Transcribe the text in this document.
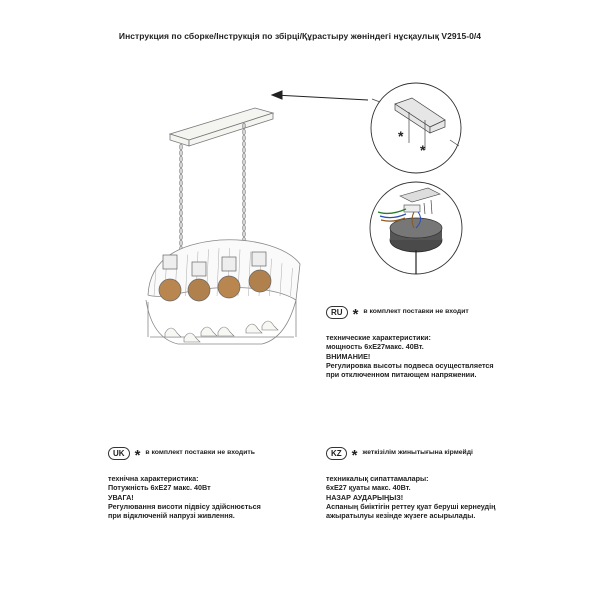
Инструкция по сборке/Інструкція по збірці/Құрастыру жөніндегі нұсқаулық V2915-0/4
*
*
RU * в комплект поставки не входит
технические характеристики:
мощность 6хЕ27макс. 40Вт.
ВНИМАНИЕ!
Регулировка высоты подвеса осуществляется
при отключенном питающем напряжении.
UK * в комплект поставки не входить
технічна характеристика:
Потужність 6хЕ27 макс. 40Вт
УВАГА!
Регулювання висоти підвісу здійснюється
при відключеній напрузі живлення.
KZ * жеткізілім жинытығына кірмейді
техникалық сипаттамалары:
6хЕ27 қуаты макс. 40Вт.
НАЗАР АУДАРЫҢЫЗ!
Аспаның биіктігін реттеу қуат беруші кернеудің
ажыратылуы кезінде жүзеге асырылады.
